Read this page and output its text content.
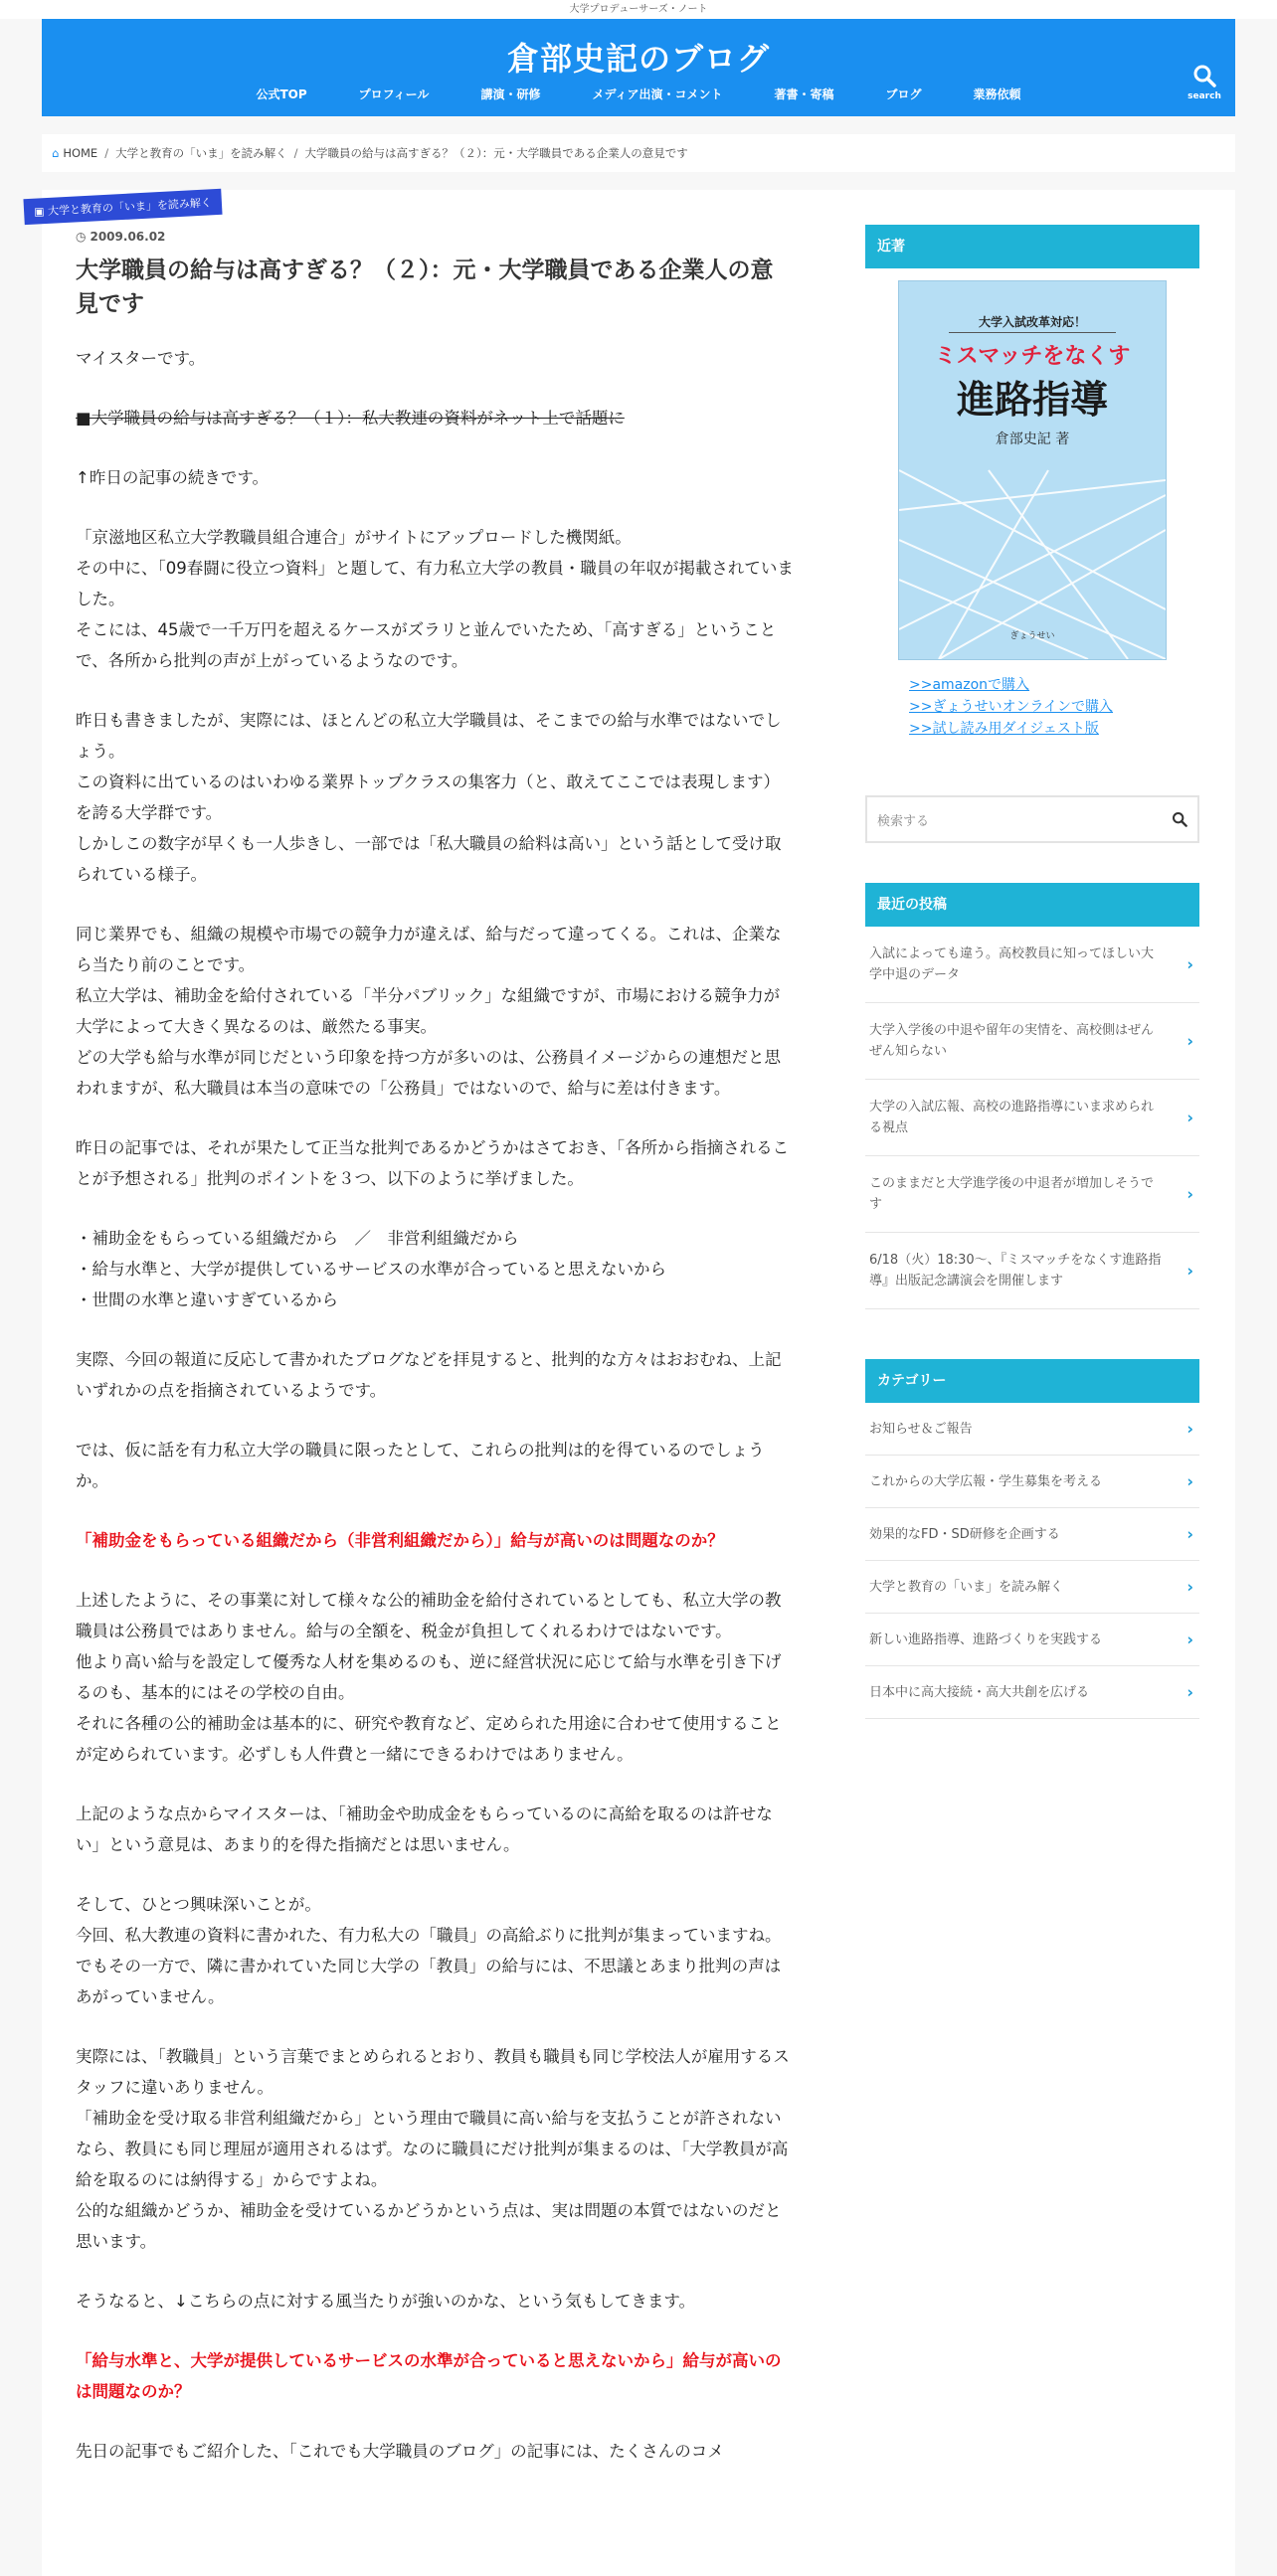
大学プロデューサーズ・ノート
倉部史記のブログ
公式TOP	プロフィール	講演・研修	メディア出演・コメント	著書・寄稿	ブログ	業務依頼	search
⌂ HOME / 大学と教育の「いま」を読み解く / 大学職員の給与は高すぎる？（２）：元・大学職員である企業人の意見です
▣ 大学と教育の「いま」を読み解く
◷ 2009.06.02
大学職員の給与は高すぎる？（２）：元・大学職員である企業人の意見です

マイスターです。

■大学職員の給与は高すぎる？（１）：私大教連の資料がネット上で話題に

↑昨日の記事の続きです。

「京滋地区私立大学教職員組合連合」がサイトにアップロードした機関紙。
その中に、「09春闘に役立つ資料」と題して、有力私立大学の教員・職員の年収が掲載されていました。
そこには、45歳で一千万円を超えるケースがズラリと並んでいたため、「高すぎる」ということで、各所から批判の声が上がっているようなのです。

昨日も書きましたが、実際には、ほとんどの私立大学職員は、そこまでの給与水準ではないでしょう。
この資料に出ているのはいわゆる業界トップクラスの集客力（と、敢えてここでは表現します）を誇る大学群です。
しかしこの数字が早くも一人歩きし、一部では「私大職員の給料は高い」という話として受け取られている様子。

同じ業界でも、組織の規模や市場での競争力が違えば、給与だって違ってくる。これは、企業なら当たり前のことです。
私立大学は、補助金を給付されている「半分パブリック」な組織ですが、市場における競争力が大学によって大きく異なるのは、厳然たる事実。
どの大学も給与水準が同じだという印象を持つ方が多いのは、公務員イメージからの連想だと思われますが、私大職員は本当の意味での「公務員」ではないので、給与に差は付きます。

昨日の記事では、それが果たして正当な批判であるかどうかはさておき、「各所から指摘されることが予想される」批判のポイントを３つ、以下のように挙げました。

・補助金をもらっている組織だから　／　非営利組織だから
・給与水準と、大学が提供しているサービスの水準が合っていると思えないから
・世間の水準と違いすぎているから

実際、今回の報道に反応して書かれたブログなどを拝見すると、批判的な方々はおおむね、上記いずれかの点を指摘されているようです。

では、仮に話を有力私立大学の職員に限ったとして、これらの批判は的を得ているのでしょうか。

「補助金をもらっている組織だから（非営利組織だから）」給与が高いのは問題なのか？

上述したように、その事業に対して様々な公的補助金を給付されているとしても、私立大学の教職員は公務員ではありません。給与の全額を、税金が負担してくれるわけではないです。
他より高い給与を設定して優秀な人材を集めるのも、逆に経営状況に応じて給与水準を引き下げるのも、基本的にはその学校の自由。
それに各種の公的補助金は基本的に、研究や教育など、定められた用途に合わせて使用することが定められています。必ずしも人件費と一緒にできるわけではありません。

上記のような点からマイスターは、「補助金や助成金をもらっているのに高給を取るのは許せない」という意見は、あまり的を得た指摘だとは思いません。

そして、ひとつ興味深いことが。
今回、私大教連の資料に書かれた、有力私大の「職員」の高給ぶりに批判が集まっていますね。
でもその一方で、隣に書かれていた同じ大学の「教員」の給与には、不思議とあまり批判の声はあがっていません。

実際には、「教職員」という言葉でまとめられるとおり、教員も職員も同じ学校法人が雇用するスタッフに違いありません。
「補助金を受け取る非営利組織だから」という理由で職員に高い給与を支払うことが許されないなら、教員にも同じ理屈が適用されるはず。なのに職員にだけ批判が集まるのは、「大学教員が高給を取るのには納得する」からですよね。
公的な組織かどうか、補助金を受けているかどうかという点は、実は問題の本質ではないのだと思います。

そうなると、↓こちらの点に対する風当たりが強いのかな、という気もしてきます。

「給与水準と、大学が提供しているサービスの水準が合っていると思えないから」給与が高いのは問題なのか？

先日の記事でもご紹介した、「これでも大学職員のブログ」の記事には、たくさんのコメ

近著
大学入試改革対応！
ミスマッチをなくす
進路指導
倉部史記 著
ぎょうせい
>>amazonで購入
>>ぎょうせいオンラインで購入
>>試し読み用ダイジェスト版
検索する
最近の投稿
入試によっても違う。高校教員に知ってほしい大学中退のデータ
›
大学入学後の中退や留年の実情を、高校側はぜんぜん知らない
›
大学の入試広報、高校の進路指導にいま求められる視点
›
このままだと大学進学後の中退者が増加しそうです
›
6/18（火）18:30〜、『ミスマッチをなくす進路指導』出版記念講演会を開催します
›
カテゴリー
お知らせ＆ご報告	›
これからの大学広報・学生募集を考える	›
効果的なFD・SD研修を企画する	›
大学と教育の「いま」を読み解く	›
新しい進路指導、進路づくりを実践する	›
日本中に高大接続・高大共創を広げる	›
